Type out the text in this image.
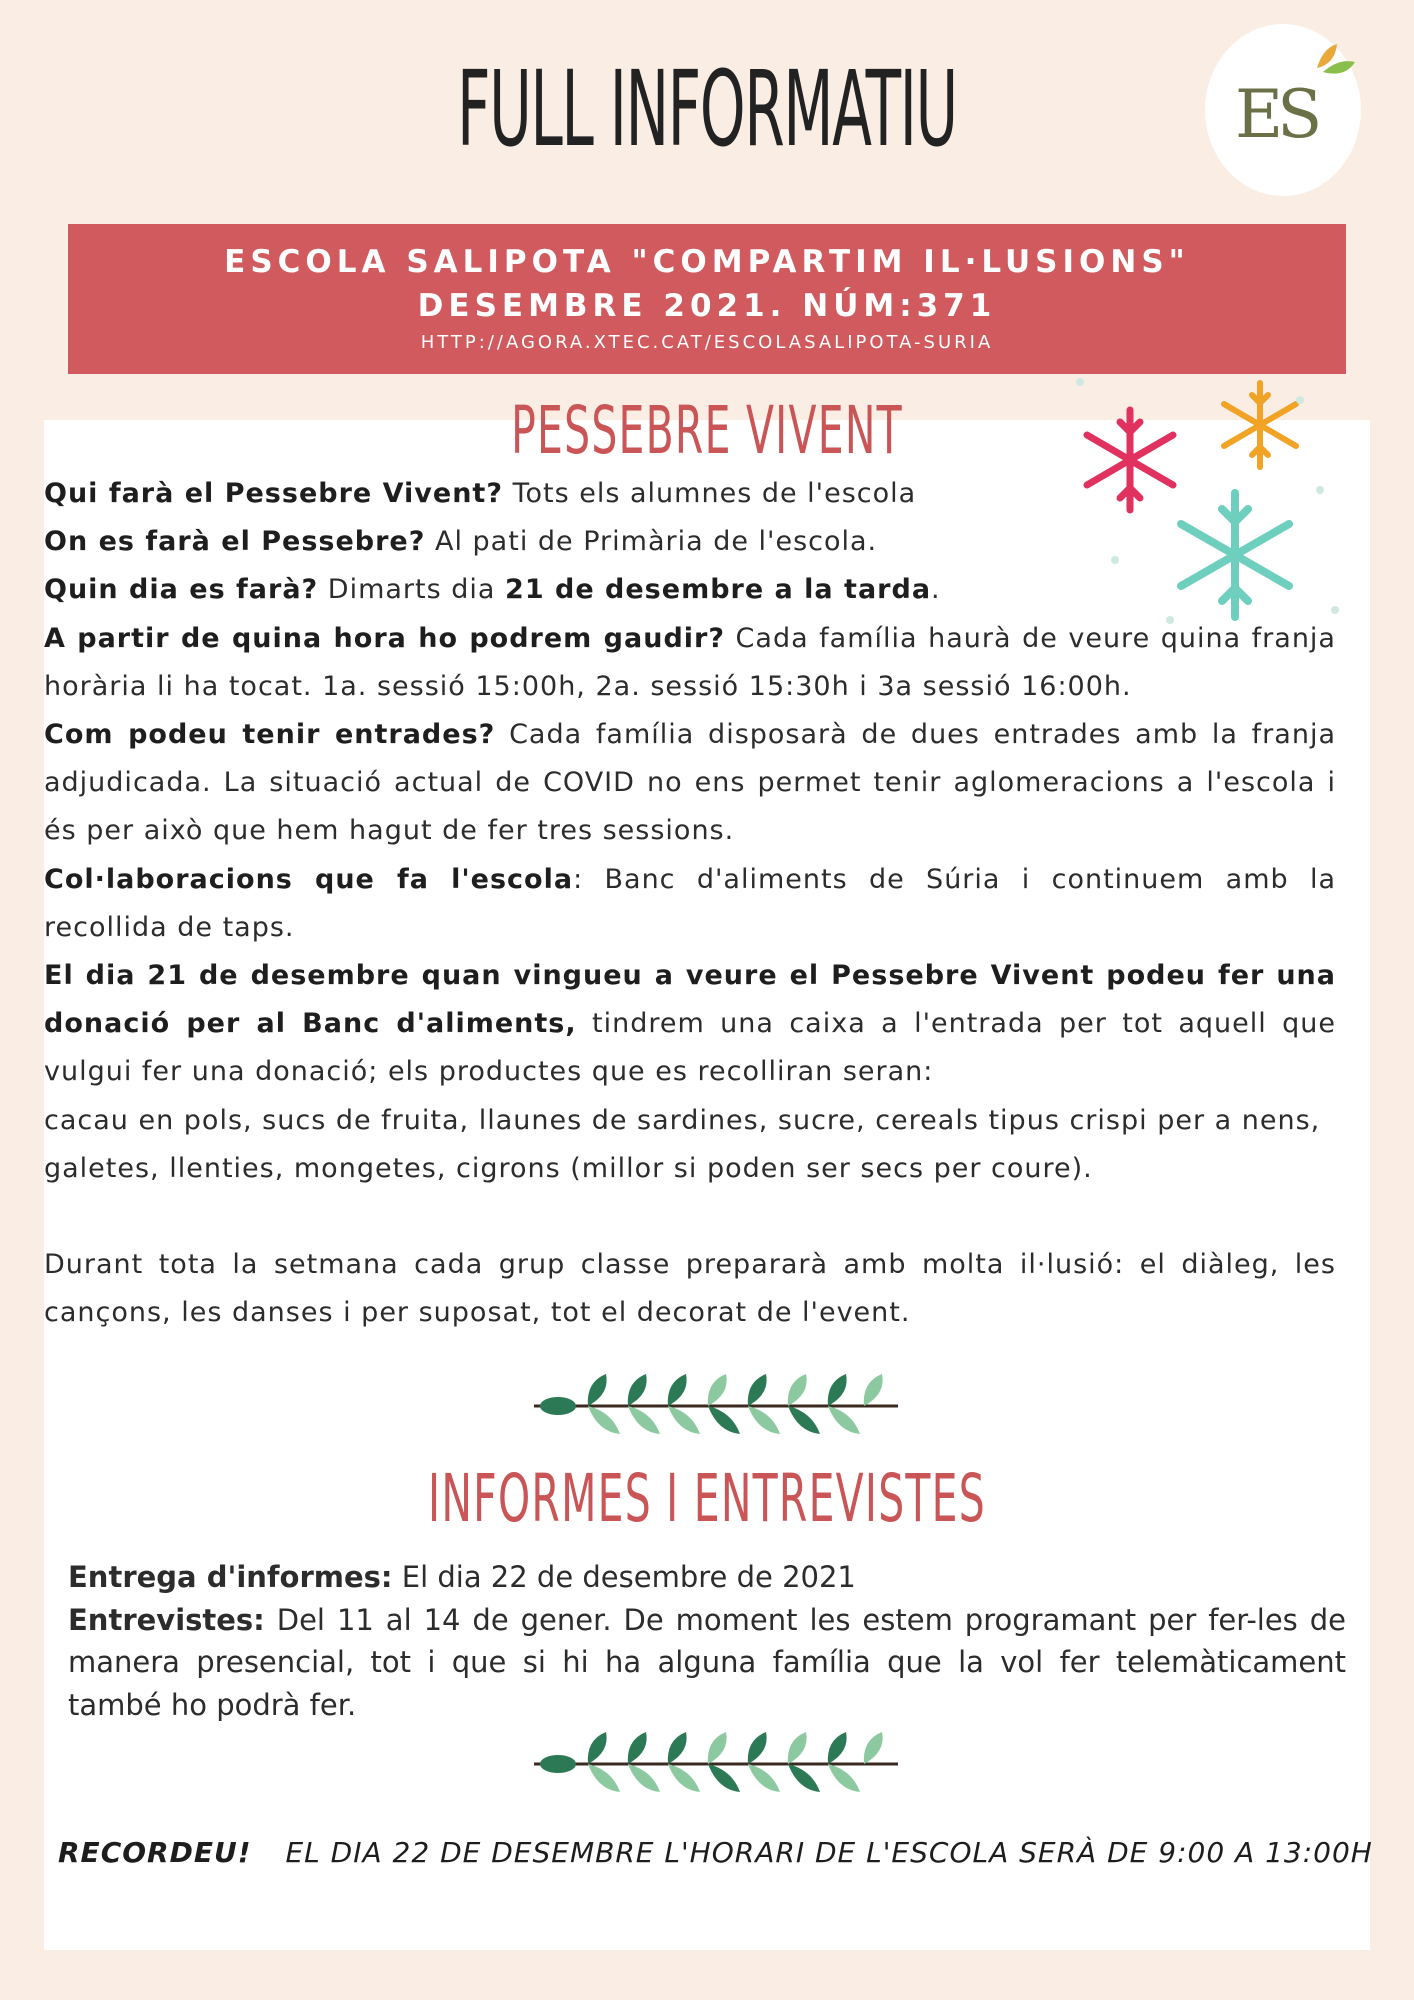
FULL INFORMATIU	ES
ESCOLA SALIPOTA "COMPARTIM IL·LUSIONS"
DESEMBRE 2021. NÚM:371
HTTP://AGORA.XTEC.CAT/ESCOLASALIPOTA-SURIA
PESSEBRE VIVENT

Qui farà el Pessebre Vivent? Tots els alumnes de l'escola

On es farà el Pessebre? Al pati de Primària de l'escola.

Quin dia es farà? Dimarts dia 21 de desembre a la tarda.

A partir de quina hora ho podrem gaudir? Cada família haurà de veure quina franja horària li ha tocat. 1a. sessió 15:00h, 2a. sessió 15:30h i 3a sessió 16:00h.

Com podeu tenir entrades? Cada família disposarà de dues entrades amb la franja adjudicada. La situació actual de COVID no ens permet tenir aglomeracions a l'escola i és per això que hem hagut de fer tres sessions.

Col·laboracions que fa l'escola: Banc d'aliments de Súria i continuem amb la recollida de taps.

El dia 21 de desembre quan vingueu a veure el Pessebre Vivent podeu fer una donació per al Banc d'aliments, tindrem una caixa a l'entrada per tot aquell que vulgui fer una donació; els productes que es recolliran seran:

cacau en pols, sucs de fruita, llaunes de sardines, sucre, cereals tipus crispi per a nens, galetes, llenties, mongetes, cigrons (millor si poden ser secs per coure).

Durant tota la setmana cada grup classe prepararà amb molta il·lusió: el diàleg, les cançons, les danses i per suposat, tot el decorat de l'event.

INFORMES I ENTREVISTES

Entrega d'informes: El dia 22 de desembre de 2021

Entrevistes: Del 11 al 14 de gener. De moment les estem programant per fer-les de manera presencial, tot i que si hi ha alguna família que la vol fer telemàticament també ho podrà fer.

RECORDEU! EL DIA 22 DE DESEMBRE L'HORARI DE L'ESCOLA SERÀ DE 9:00 A 13:00H
